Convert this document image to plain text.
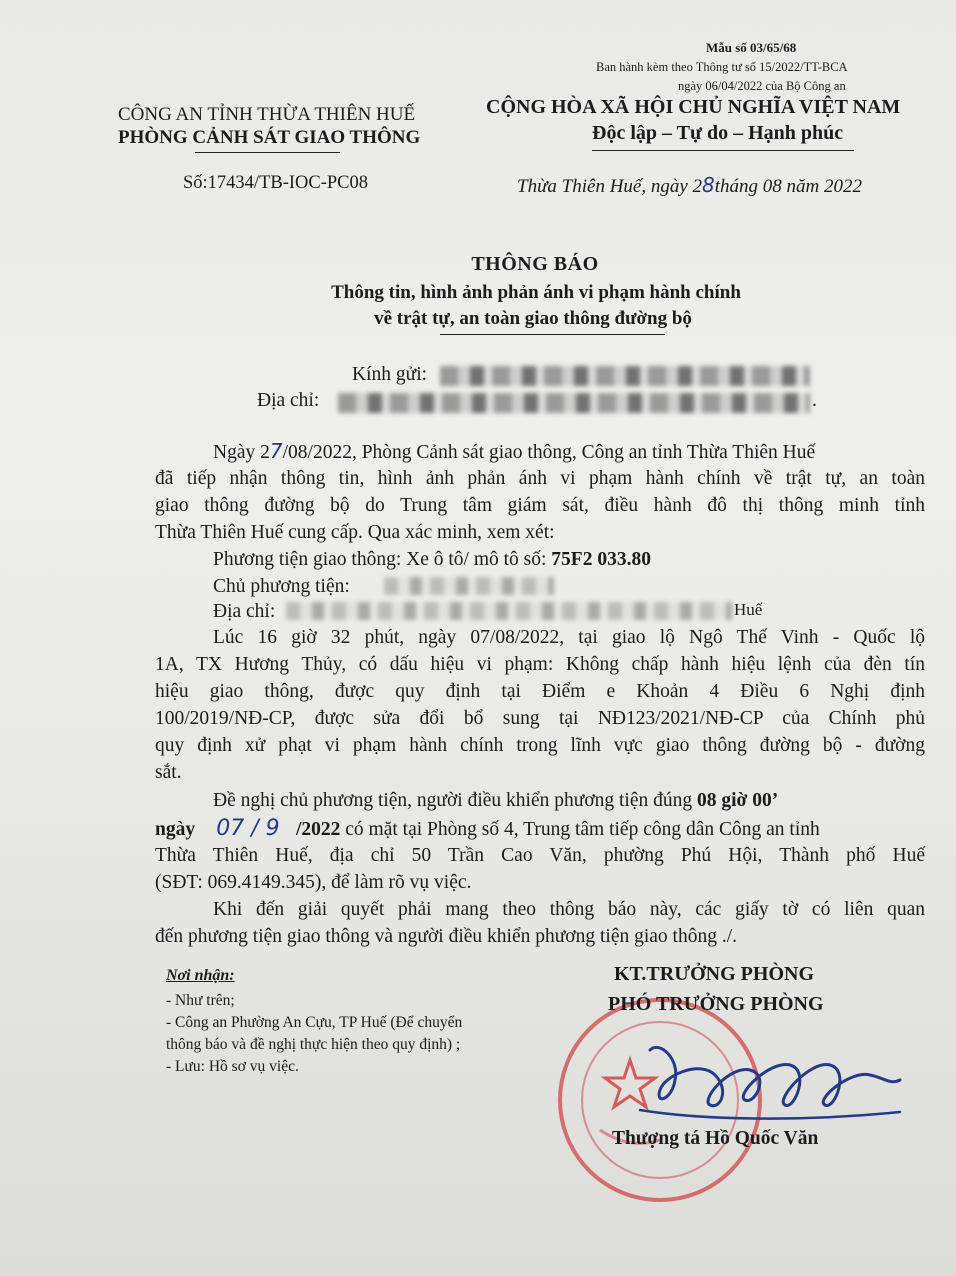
Mẫu số 03/65/68
Ban hành kèm theo Thông tư số 15/2022/TT-BCA
ngày 06/04/2022 của Bộ Công an
CÔNG AN TỈNH THỪA THIÊN HUẾ
PHÒNG CẢNH SÁT GIAO THÔNG
CỘNG HÒA XÃ HỘI CHỦ NGHĨA VIỆT NAM
Độc lập – Tự do – Hạnh phúc
Số:17434/TB-IOC-PC08	Thừa Thiên Huế, ngày 28tháng 08 năm 2022
THÔNG BÁO
Thông tin, hình ảnh phản ánh vi phạm hành chính
về trật tự, an toàn giao thông đường bộ
Kính gửi:
Địa chỉ:	.
Ngày 27/08/2022, Phòng Cảnh sát giao thông, Công an tỉnh Thừa Thiên Huế
đã tiếp nhận thông tin, hình ảnh phản ánh vi phạm hành chính về trật tự, an toàn
giao thông đường bộ do Trung tâm giám sát, điều hành đô thị thông minh tỉnh
Thừa Thiên Huế cung cấp. Qua xác minh, xem xét:
Phương tiện giao thông: Xe ô tô/ mô tô số: 75F2 033.80
Chủ phương tiện:
Địa chỉ:	Huế
Lúc 16 giờ 32 phút, ngày 07/08/2022, tại giao lộ Ngô Thế Vinh - Quốc lộ
1A, TX Hương Thủy, có dấu hiệu vi phạm: Không chấp hành hiệu lệnh của đèn tín
hiệu giao thông, được quy định tại Điểm e Khoản 4 Điều 6 Nghị định
100/2019/NĐ-CP, được sửa đổi bổ sung tại NĐ123/2021/NĐ-CP của Chính phủ
quy định xử phạt vi phạm hành chính trong lĩnh vực giao thông đường bộ - đường
sắt.
Đề nghị chủ phương tiện, người điều khiển phương tiện đúng 08 giờ 00’
ngày 07 / 9 /2022 có mặt tại Phòng số 4, Trung tâm tiếp công dân Công an tỉnh
Thừa Thiên Huế, địa chỉ 50 Trần Cao Văn, phường Phú Hội, Thành phố Huế
(SĐT: 069.4149.345), để làm rõ vụ việc.
Khi đến giải quyết phải mang theo thông báo này, các giấy tờ có liên quan
đến phương tiện giao thông và người điều khiển phương tiện giao thông ./.
Nơi nhận:
- Như trên;
- Công an Phường An Cựu, TP Huế (Để chuyển
thông báo và đề nghị thực hiện theo quy định) ;
- Lưu: Hồ sơ vụ việc.
KT.TRƯỞNG PHÒNG
PHÓ TRƯỞNG PHÒNG
Thượng tá Hồ Quốc Văn
